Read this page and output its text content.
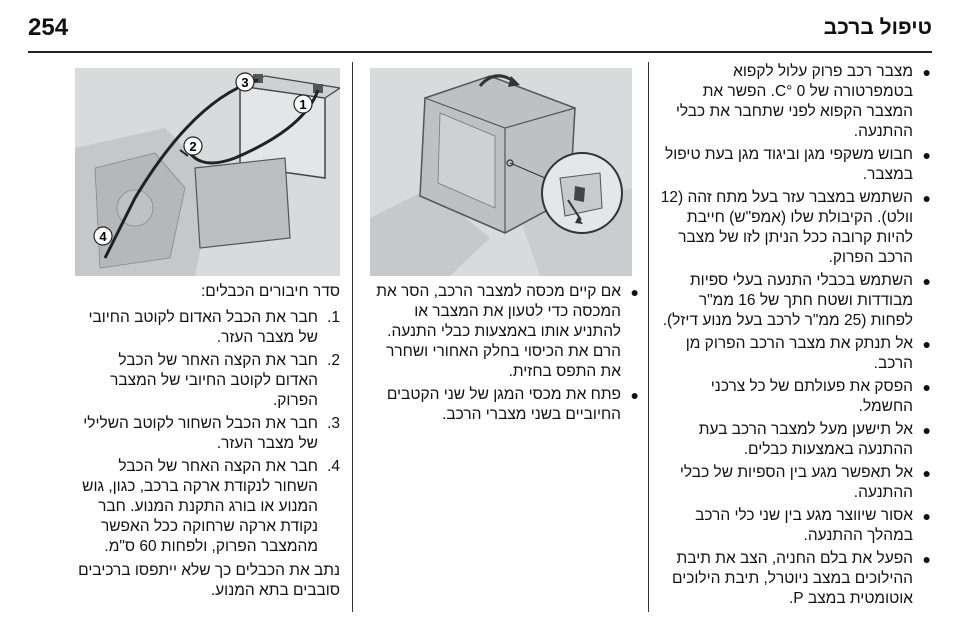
254	טיפול ברכב
●
מצבר רכב פרוק עלול לקפוא בטמפרטורה של 0 °C. הפשר את המצבר הקפוא לפני שתחבר את כבלי ההתנעה.
●
חבוש משקפי מגן וביגוד מגן בעת טיפול במצבר.
●
השתמש במצבר עזר בעל מתח זהה (12 וולט). הקיבולת שלו (אמפ"ש) חייבת להיות קרובה ככל הניתן לזו של מצבר הרכב הפרוק.
●
השתמש בכבלי התנעה בעלי ספיות מבודדות ושטח חתך של 16 ממ"ר לפחות (25 ממ"ר לרכב בעל מנוע דיזל).
●
אל תנתק את מצבר הרכב הפרוק מן הרכב.
●
הפסק את פעולתם של כל צרכני החשמל.
●
אל תישען מעל למצבר הרכב בעת ההתנעה באמצעות כבלים.
●
אל תאפשר מגע בין הספיות של כבלי ההתנעה.
●
אסור שיווצר מגע בין שני כלי הרכב במהלך ההתנעה.
●
הפעל את בלם החניה, הצב את תיבת ההילוכים במצב ניוטרל, תיבת הילוכים אוטומטית במצב P.
●
אם קיים מכסה למצבר הרכב, הסר את המכסה כדי לטעון את המצבר או להתניע אותו באמצעות כבלי התנעה. הרם את הכיסוי בחלק האחורי ושחרר את התפס בחזית.
●
פתח את מכסי המגן של שני הקטבים החיוביים בשני מצברי הרכב.
1
2
3
4

סדר חיבורים הכבלים:

1.
חבר את הכבל האדום לקוטב החיובי של מצבר העזר.
2.
חבר את הקצה האחר של הכבל האדום לקוטב החיובי של המצבר הפרוק.
3.
חבר את הכבל השחור לקוטב השלילי של מצבר העזר.
4.
חבר את הקצה האחר של הכבל השחור לנקודת ארקה ברכב, כגון, גוש המנוע או בורג התקנת המנוע. חבר נקודת ארקה שרחוקה ככל האפשר מהמצבר הפרוק, ולפחות 60 ס"מ.

נתב את הכבלים כך שלא ייתפסו ברכיבים סובבים בתא המנוע.
